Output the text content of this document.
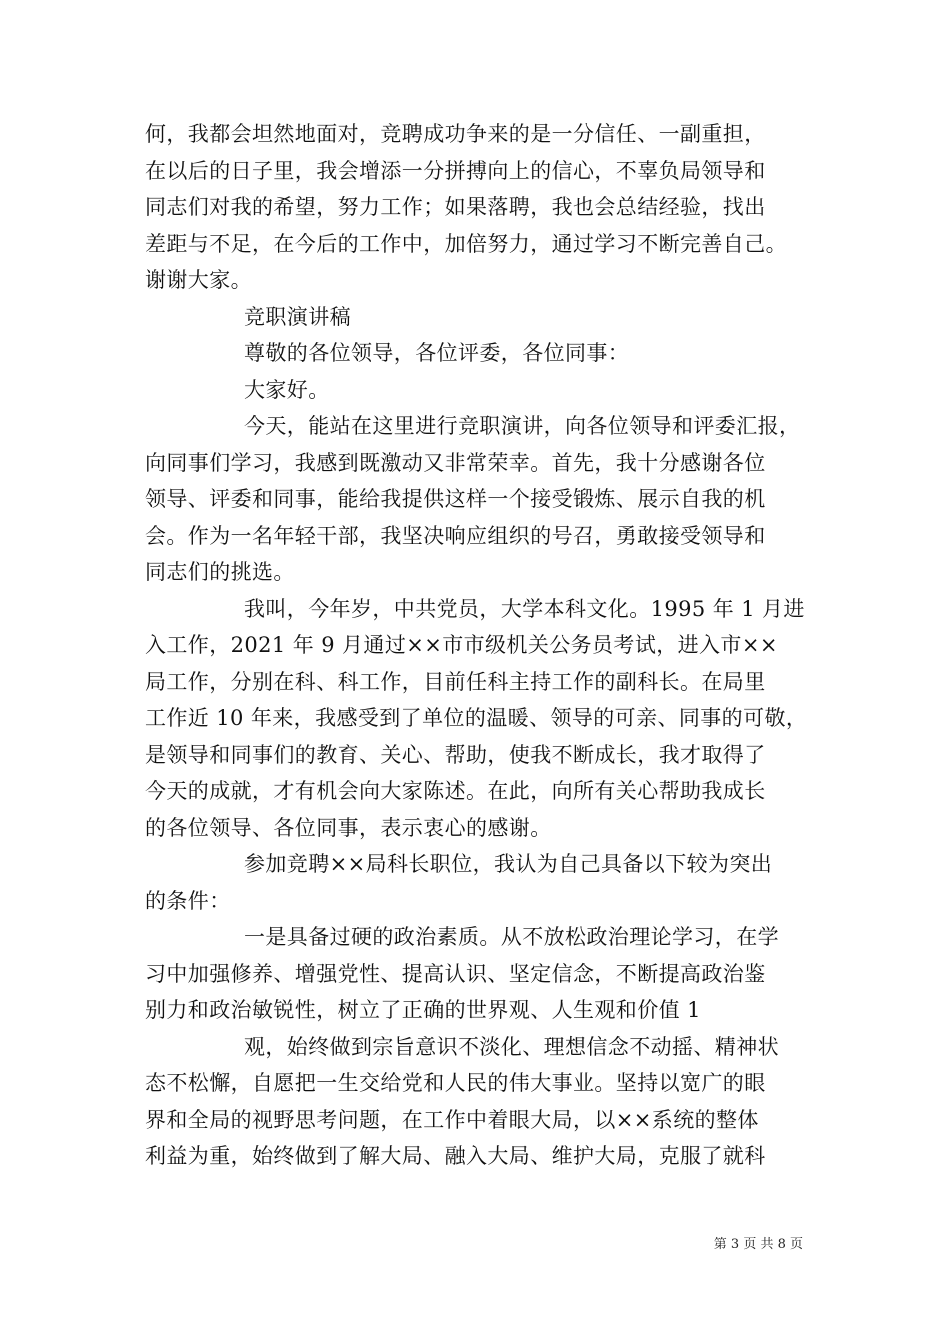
何，我都会坦然地面对，竞聘成功争来的是一分信任、一副重担，
在以后的日子里，我会增添一分拼搏向上的信心，不辜负局领导和
同志们对我的希望，努力工作；如果落聘，我也会总结经验，找出
差距与不足，在今后的工作中，加倍努力，通过学习不断完善自己。
谢谢大家。
竞职演讲稿
尊敬的各位领导，各位评委，各位同事：
大家好。
今天，能站在这里进行竞职演讲，向各位领导和评委汇报，
向同事们学习，我感到既激动又非常荣幸。首先，我十分感谢各位
领导、评委和同事，能给我提供这样一个接受锻炼、展示自我的机
会。作为一名年轻干部，我坚决响应组织的号召，勇敢接受领导和
同志们的挑选。
我叫，今年岁，中共党员，大学本科文化。1995 年 1 月进
入工作，2021 年 9 月通过××市市级机关公务员考试，进入市××
局工作，分别在科、科工作，目前任科主持工作的副科长。在局里
工作近 10 年来，我感受到了单位的温暖、领导的可亲、同事的可敬，
是领导和同事们的教育、关心、帮助，使我不断成长，我才取得了
今天的成就，才有机会向大家陈述。在此，向所有关心帮助我成长
的各位领导、各位同事，表示衷心的感谢。
参加竞聘××局科长职位，我认为自己具备以下较为突出
的条件：
一是具备过硬的政治素质。从不放松政治理论学习，在学
习中加强修养、增强党性、提高认识、坚定信念，不断提高政治鉴
别力和政治敏锐性，树立了正确的世界观、人生观和价值 1
观，始终做到宗旨意识不淡化、理想信念不动摇、精神状
态不松懈，自愿把一生交给党和人民的伟大事业。坚持以宽广的眼
界和全局的视野思考问题，在工作中着眼大局，以××系统的整体
利益为重，始终做到了解大局、融入大局、维护大局，克服了就科
第 3 页 共 8 页
